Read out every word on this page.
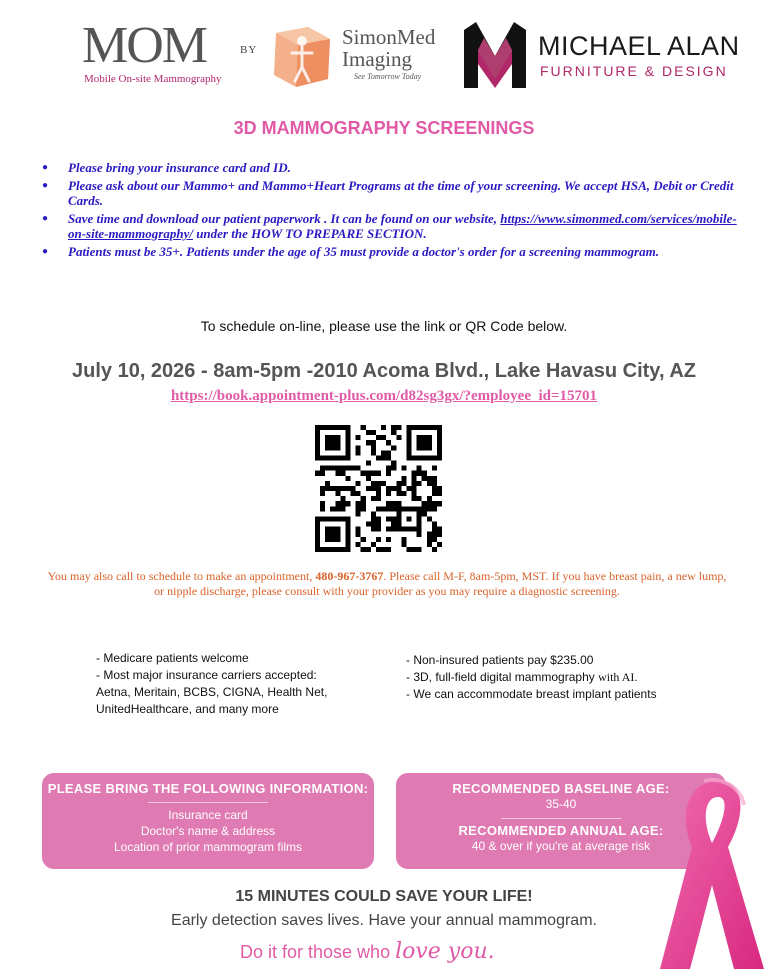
MOM
Mobile On-site Mammography
BY
SimonMed
Imaging
See Tomorrow Today
MICHAEL ALAN
FURNITURE & DESIGN
3D MAMMOGRAPHY SCREENINGS
● Please bring your insurance card and ID.
● Please ask about our Mammo+ and Mammo+Heart Programs at the time of your screening. We accept HSA, Debit or Credit Cards.
● Save time and download our patient paperwork . It can be found on our website, https://www.simonmed.com/services/mobile-on-site-mammography/ under the HOW TO PREPARE SECTION.
● Patients must be 35+. Patients under the age of 35 must provide a doctor's order for a screening mammogram.
To schedule on-line, please use the link or QR Code below.
July 10, 2026 - 8am-5pm -2010 Acoma Blvd., Lake Havasu City, AZ
https://book.appointment-plus.com/d82sg3gx/?employee_id=15701
You may also call to schedule to make an appointment, 480-967-3767. Please call M-F, 8am-5pm, MST. If you have breast pain, a new lump, or nipple discharge, please consult with your provider as you may require a diagnostic screening.
- Medicare patients welcome
- Most major insurance carriers accepted: Aetna, Meritain, BCBS, CIGNA, Health Net, UnitedHealthcare, and many more
- Non-insured patients pay $235.00
- 3D, full-field digital mammography with AI.
- We can accommodate breast implant patients
PLEASE BRING THE FOLLOWING INFORMATION:
Insurance card
Doctor's name & address
Location of prior mammogram films
RECOMMENDED BASELINE AGE:
35-40
RECOMMENDED ANNUAL AGE:
40 & over if you're at average risk
15 MINUTES COULD SAVE YOUR LIFE!
Early detection saves lives. Have your annual mammogram.
Do it for those who love you.
